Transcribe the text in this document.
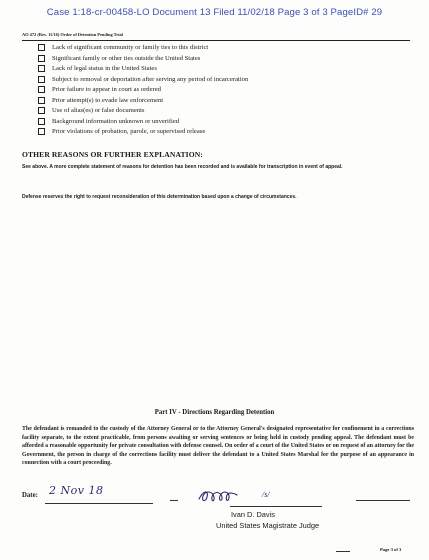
Case 1:18-cr-00458-LO Document 13 Filed 11/02/18 Page 3 of 3 PageID# 29
AO 472 (Rev. 11/16) Order of Detention Pending Trial
Lack of significant community or family ties to this district
Significant family or other ties outside the United States
Lack of legal status in the United States
Subject to removal or deportation after serving any period of incarceration
Prior failure to appear in court as ordered
Prior attempt(s) to evade law enforcement
Use of alias(es) or false documents
Background information unknown or unverified
Prior violations of probation, parole, or supervised release
OTHER REASONS OR FURTHER EXPLANATION:
See above. A more complete statement of reasons for detention has been recorded and is available for transcription in event of appeal.
Defense reserves the right to request reconsideration of this determination based upon a change of circumstances.
Part IV - Directions Regarding Detention
The defendant is remanded to the custody of the Attorney General or to the Attorney General's designated representative for confinement in a corrections facility separate, to the extent practicable, from persons awaiting or serving sentences or being held in custody pending appeal. The defendant must be afforded a reasonable opportunity for private consultation with defense counsel. On order of a court of the United States or on request of an attorney for the Government, the person in charge of the corrections facility must deliver the defendant to a United States Marshal for the purpose of an appearance in connection with a court proceeding.
Date: 2 Nov 18	/s/
Ivan D. Davis
United States Magistrate Judge
Page 3 of 3
